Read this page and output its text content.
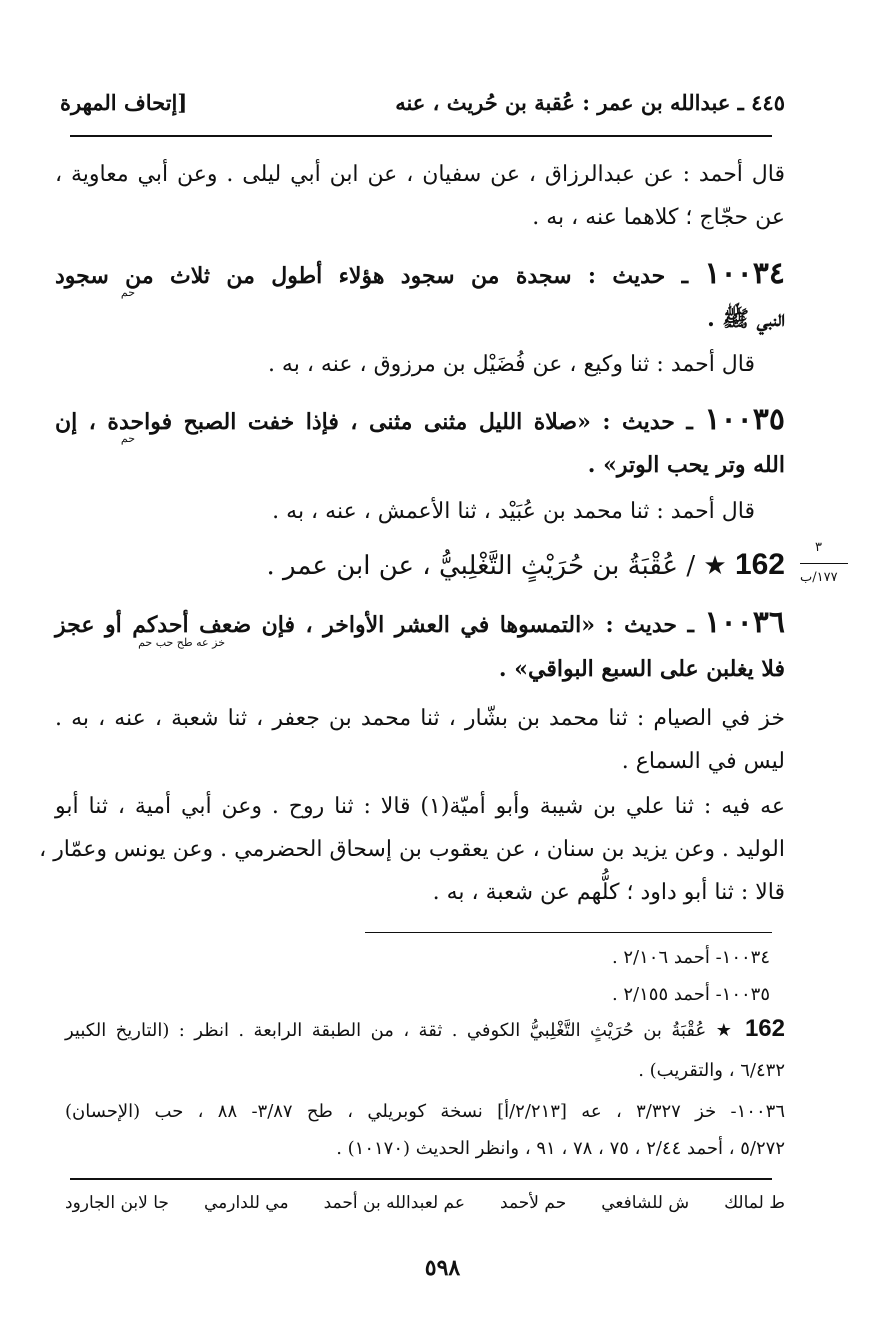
٤٤٥ ـ عبدالله بن عمر : عُقبة بن حُريث ، عنه
[إتحاف المهرة
قال أحمد : عن عبدالرزاق ، عن سفيان ، عن ابن أبي ليلى . وعن أبي معاوية ،
عن حجّاج ؛ كلاهما عنه ، به .
١٠٠٣٤ ـ حديث : سجدة من سجود هؤلاء أطول من ثلاث من سجود
حم
النبي ﷺ .
قال أحمد : ثنا وكيع ، عن فُضَيْل بن مرزوق ، عنه ، به .
١٠٠٣٥ ـ حديث : «صلاة الليل مثنى مثنى ، فإذا خفت الصبح فواحدة ، إن
حم
الله وتر يحب الوتر» .
قال أحمد : ثنا محمد بن عُبَيْد ، ثنا الأعمش ، عنه ، به .
162 ★ / عُقْبَةُ بن حُرَيْثٍ التَّغْلِبيُّ ، عن ابن عمر .
٣
١٧٧/ب
١٠٠٣٦ ـ حديث : «التمسوها في العشر الأواخر ، فإن ضعف أحدكم أو عجز
خز عه طح حب حم
فلا يغلبن على السبع البواقي» .
خز في الصيام : ثنا محمد بن بشّار ، ثنا محمد بن جعفر ، ثنا شعبة ، عنه ، به .
ليس في السماع .
عه فيه : ثنا علي بن شيبة وأبو أميّة(١) قالا : ثنا روح . وعن أبي أمية ، ثنا أبو
الوليد . وعن يزيد بن سنان ، عن يعقوب بن إسحاق الحضرمي . وعن يونس وعمّار ،
قالا : ثنا أبو داود ؛ كلُّهم عن شعبة ، به .
١٠٠٣٤- أحمد ٢/١٠٦ .
١٠٠٣٥- أحمد ٢/١٥٥ .
162 ★ عُقْبَةُ بن حُرَيْثٍ التَّغْلِبيُّ الكوفي . ثقة ، من الطبقة الرابعة . انظر : (التاريخ الكبير
٦/٤٣٢ ، والتقريب) .
١٠٠٣٦- خز ٣/٣٢٧ ، عه [٢/٢١٣/أ] نسخة كوبريلي ، طح ٣/٨٧- ٨٨ ، حب (الإحسان)
٥/٢٧٢ ، أحمد ٢/٤٤ ، ٧٥ ، ٧٨ ، ٩١ ، وانظر الحديث (١٠١٧٠) .
ط لمالك
ش للشافعي
حم لأحمد
عم لعبدالله بن أحمد
مي للدارمي
جا لابن الجارود
٥٩٨
